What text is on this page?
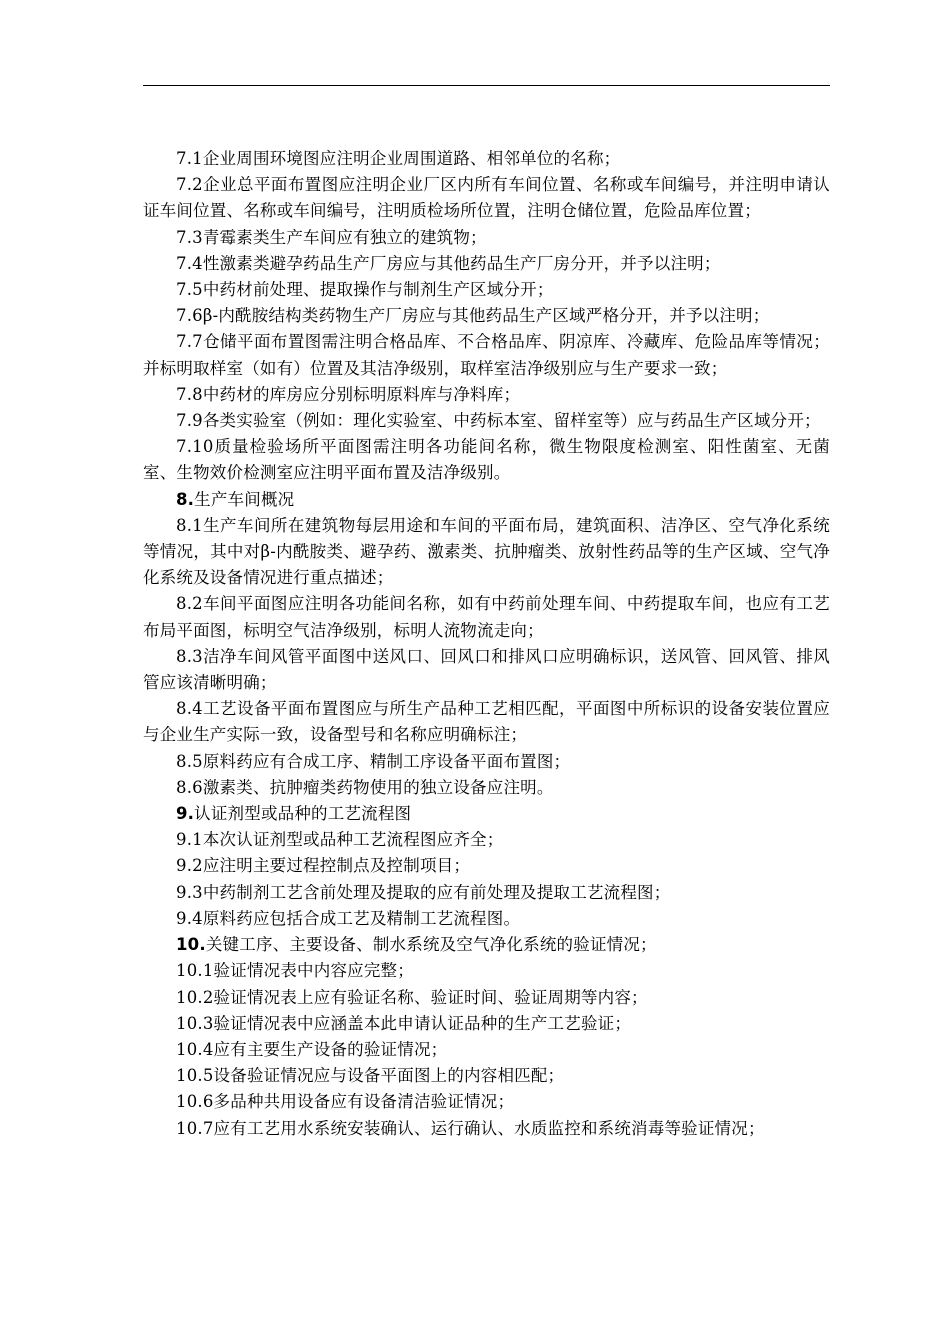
7.1企业周围环境图应注明企业周围道路、相邻单位的名称；

7.2企业总平面布置图应注明企业厂区内所有车间位置、名称或车间编号，并注明申请认证车间位置、名称或车间编号，注明质检场所位置，注明仓储位置，危险品库位置；

7.3青霉素类生产车间应有独立的建筑物；

7.4性激素类避孕药品生产厂房应与其他药品生产厂房分开，并予以注明；

7.5中药材前处理、提取操作与制剂生产区域分开；

7.6β-内酰胺结构类药物生产厂房应与其他药品生产区域严格分开，并予以注明；

7.7仓储平面布置图需注明合格品库、不合格品库、阴凉库、冷藏库、危险品库等情况；并标明取样室（如有）位置及其洁净级别，取样室洁净级别应与生产要求一致；

7.8中药材的库房应分别标明原料库与净料库；

7.9各类实验室（例如：理化实验室、中药标本室、留样室等）应与药品生产区域分开；

7.10质量检验场所平面图需注明各功能间名称，微生物限度检测室、阳性菌室、无菌室、生物效价检测室应注明平面布置及洁净级别。

8.生产车间概况

8.1生产车间所在建筑物每层用途和车间的平面布局，建筑面积、洁净区、空气净化系统等情况，其中对β-内酰胺类、避孕药、激素类、抗肿瘤类、放射性药品等的生产区域、空气净化系统及设备情况进行重点描述；

8.2车间平面图应注明各功能间名称，如有中药前处理车间、中药提取车间，也应有工艺布局平面图，标明空气洁净级别，标明人流物流走向；

8.3洁净车间风管平面图中送风口、回风口和排风口应明确标识，送风管、回风管、排风管应该清晰明确；

8.4工艺设备平面布置图应与所生产品种工艺相匹配，平面图中所标识的设备安装位置应与企业生产实际一致，设备型号和名称应明确标注；

8.5原料药应有合成工序、精制工序设备平面布置图；

8.6激素类、抗肿瘤类药物使用的独立设备应注明。

9.认证剂型或品种的工艺流程图

9.1本次认证剂型或品种工艺流程图应齐全；

9.2应注明主要过程控制点及控制项目；

9.3中药制剂工艺含前处理及提取的应有前处理及提取工艺流程图；

9.4原料药应包括合成工艺及精制工艺流程图。

10.关键工序、主要设备、制水系统及空气净化系统的验证情况；

10.1验证情况表中内容应完整；

10.2验证情况表上应有验证名称、验证时间、验证周期等内容；

10.3验证情况表中应涵盖本此申请认证品种的生产工艺验证；

10.4应有主要生产设备的验证情况；

10.5设备验证情况应与设备平面图上的内容相匹配；

10.6多品种共用设备应有设备清洁验证情况；

10.7应有工艺用水系统安装确认、运行确认、水质监控和系统消毒等验证情况；
